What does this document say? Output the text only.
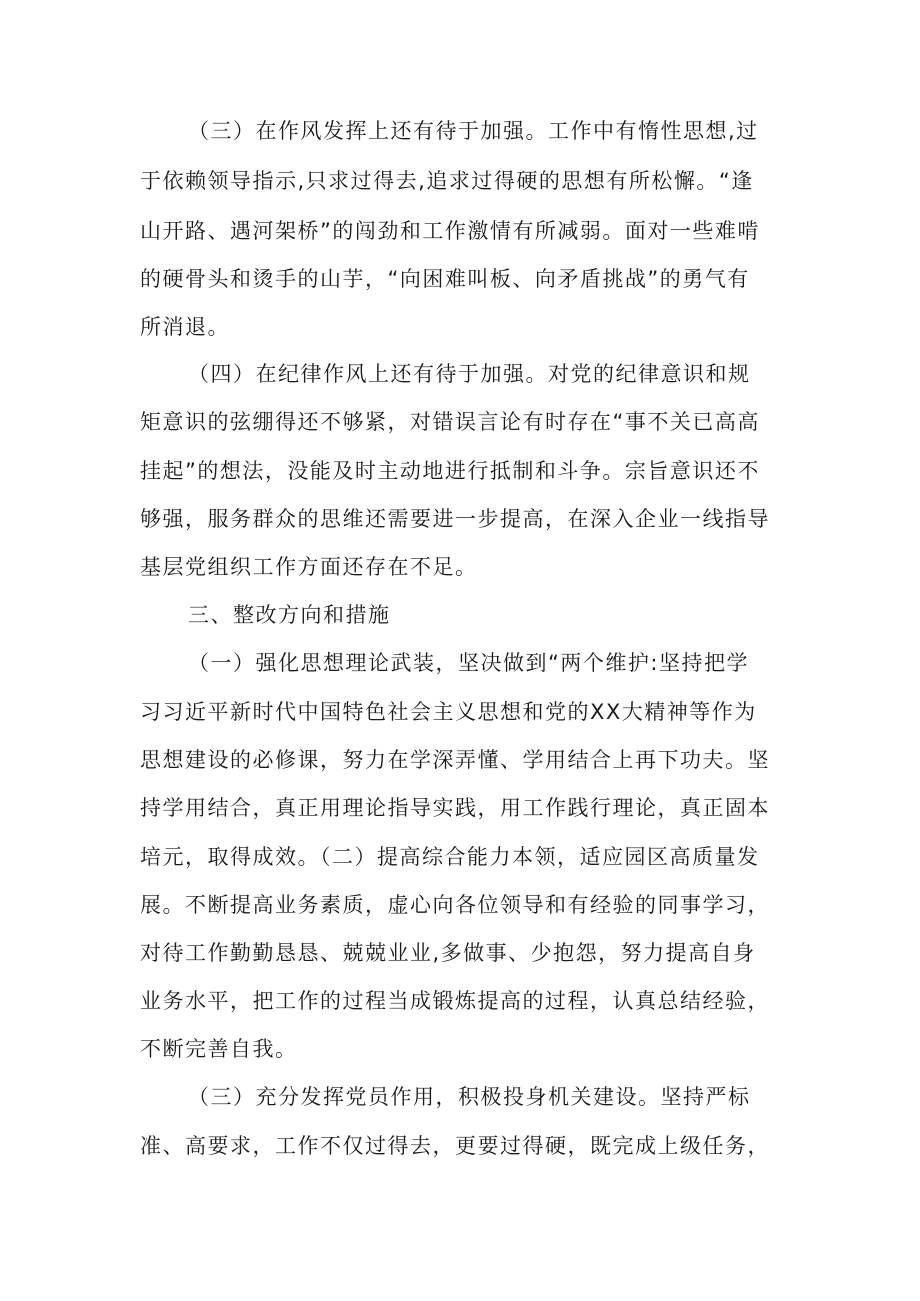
（三）在作风发挥上还有待于加强。工作中有惰性思想,过
于依赖领导指示,只求过得去,追求过得硬的思想有所松懈。“逢
山开路、遇河架桥”的闯劲和工作激情有所减弱。面对一些难啃
的硬骨头和烫手的山芋，“向困难叫板、向矛盾挑战”的勇气有
所消退。
（四）在纪律作风上还有待于加强。对党的纪律意识和规
矩意识的弦绷得还不够紧，对错误言论有时存在“事不关已高高
挂起”的想法，没能及时主动地进行抵制和斗争。宗旨意识还不
够强，服务群众的思维还需要进一步提高，在深入企业一线指导
基层党组织工作方面还存在不足。
三、整改方向和措施
（一）强化思想理论武装，坚决做到“两个维护:坚持把学
习习近平新时代中国特色社会主义思想和党的XX大精神等作为
思想建设的必修课，努力在学深弄懂、学用结合上再下功夫。坚
持学用结合，真正用理论指导实践，用工作践行理论，真正固本
培元，取得成效。（二）提高综合能力本领，适应园区高质量发
展。不断提高业务素质，虚心向各位领导和有经验的同事学习，
对待工作勤勤恳恳、兢兢业业,多做事、少抱怨，努力提高自身
业务水平，把工作的过程当成锻炼提高的过程，认真总结经验，
不断完善自我。
（三）充分发挥党员作用，积极投身机关建设。坚持严标
准、高要求，工作不仅过得去，更要过得硬，既完成上级任务，
